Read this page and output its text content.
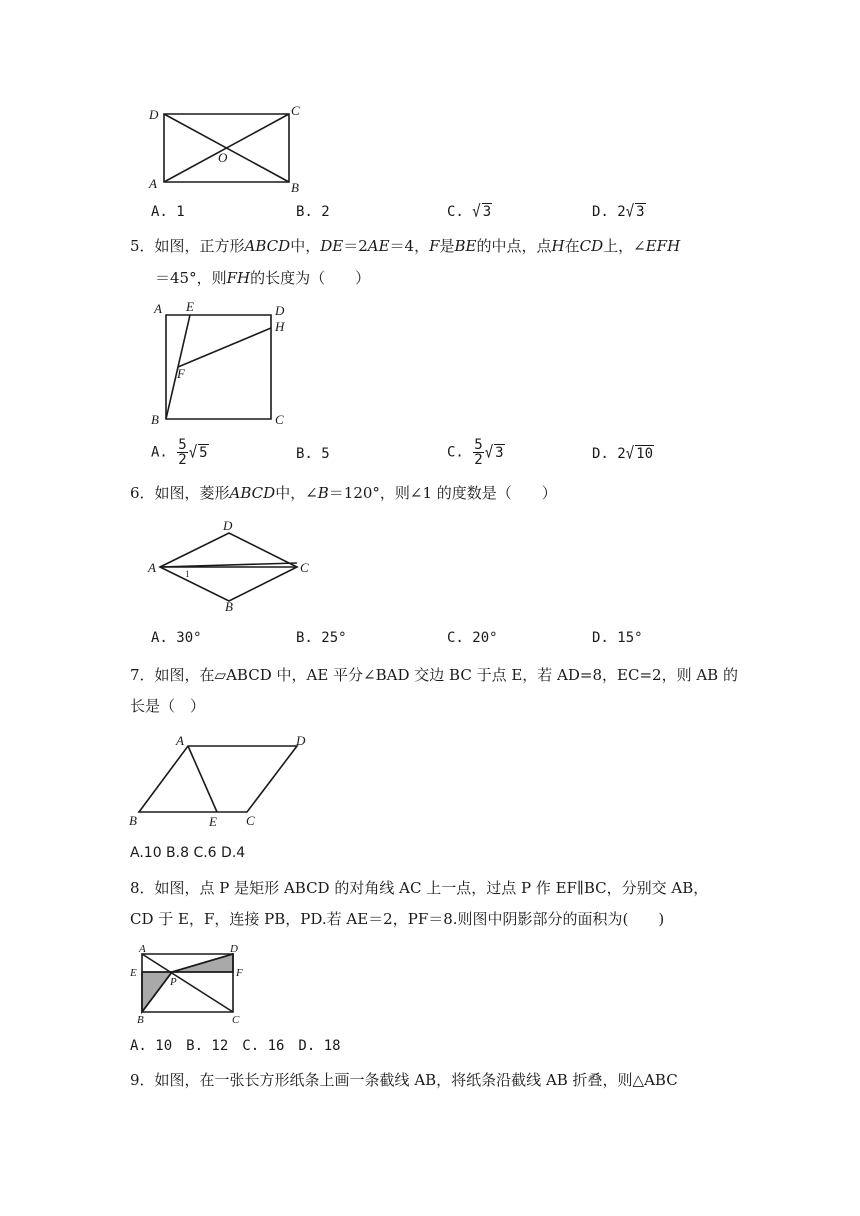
D	C
A	B
O
A. 1	B. 2	C. √ 3	D. 2√ 3
5．如图，正方形ABCD中，DE＝2AE＝4，F是BE的中点，点H在CD上，∠EFH
＝45°，则FH的长度为（　　）
A E	D
H
F
B	C
A. $\frac{5}{2}$ √ 5	B. 5	C. $\frac{5}{2}$ √ 3	D. 2√ 10
6．如图，菱形ABCD中，∠B＝120°，则∠1 的度数是（　　）
D
A	C
B
1
A. 30°	B. 25°	C. 20°	D. 15°
7．如图，在▱ABCD 中，AE 平分∠BAD 交边 BC 于点 E，若 AD=8，EC=2，则 AB 的
长是（　）
A	D
B	E C
A.10 B.8 C.6 D.4
8．如图，点 P 是矩形 ABCD 的对角线 AC 上一点，过点 P 作 EF∥BC，分别交 AB，
CD 于 E，F，连接 PB，PD.若 AE＝2，PF＝8.则图中阴影部分的面积为(　　)
A	D
E	F
P
B	C
A. 10　B. 12　C. 16　D. 18
9．如图，在一张长方形纸条上画一条截线 AB，将纸条沿截线 AB 折叠，则△ABC
